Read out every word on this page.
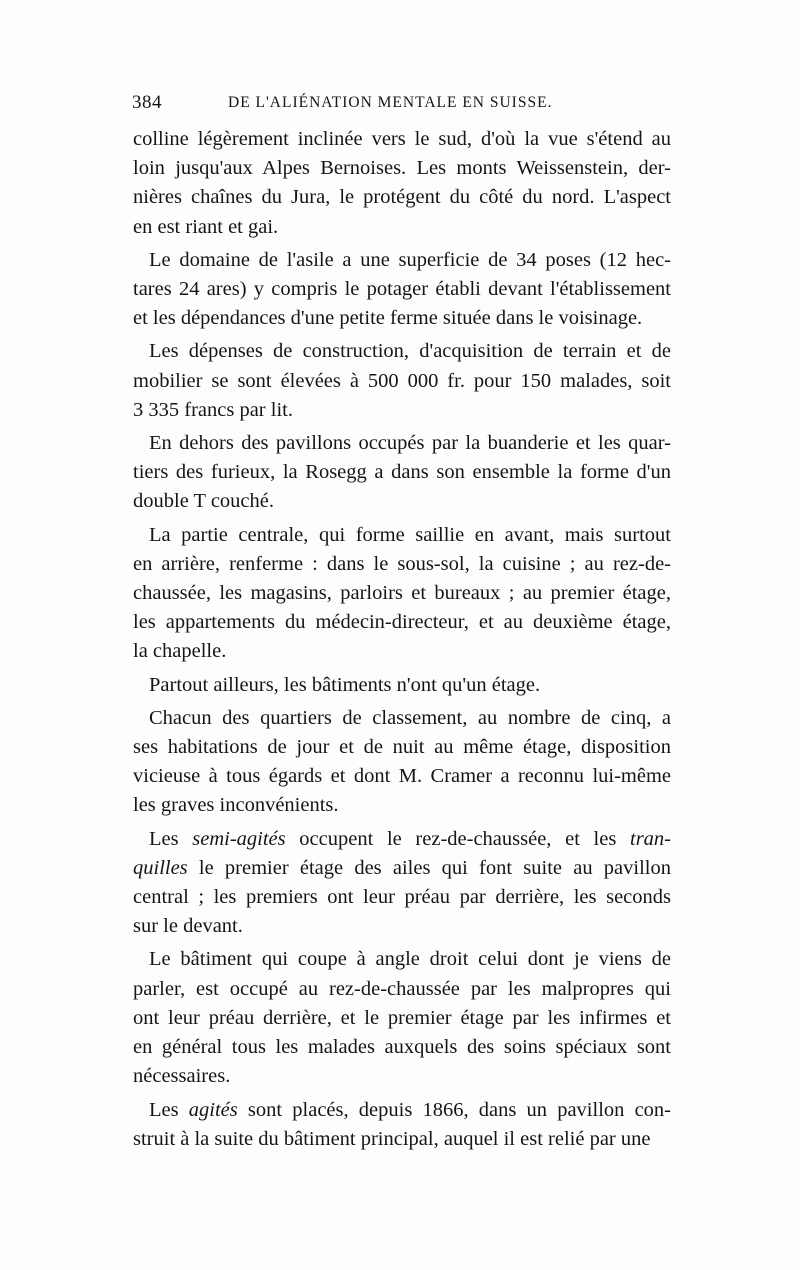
384	DE L'ALIÉNATION MENTALE EN SUISSE.

colline légèrement inclinée vers le sud, d'où la vue s'étend au
loin jusqu'aux Alpes Bernoises. Les monts Weissenstein, der-
nières chaînes du Jura, le protégent du côté du nord. L'aspect
en est riant et gai.

Le domaine de l'asile a une superficie de 34 poses (12 hec-
tares 24 ares) y compris le potager établi devant l'établissement
et les dépendances d'une petite ferme située dans le voisinage.

Les dépenses de construction, d'acquisition de terrain et de
mobilier se sont élevées à 500 000 fr. pour 150 malades, soit
3 335 francs par lit.

En dehors des pavillons occupés par la buanderie et les quar-
tiers des furieux, la Rosegg a dans son ensemble la forme d'un
double T couché.

La partie centrale, qui forme saillie en avant, mais surtout
en arrière, renferme : dans le sous-sol, la cuisine ; au rez-de-
chaussée, les magasins, parloirs et bureaux ; au premier étage,
les appartements du médecin-directeur, et au deuxième étage,
la chapelle.

Partout ailleurs, les bâtiments n'ont qu'un étage.

Chacun des quartiers de classement, au nombre de cinq, a
ses habitations de jour et de nuit au même étage, disposition
vicieuse à tous égards et dont M. Cramer a reconnu lui-même
les graves inconvénients.

Les semi-agités occupent le rez-de-chaussée, et les tran-
quilles le premier étage des ailes qui font suite au pavillon
central ; les premiers ont leur préau par derrière, les seconds
sur le devant.

Le bâtiment qui coupe à angle droit celui dont je viens de
parler, est occupé au rez-de-chaussée par les malpropres qui
ont leur préau derrière, et le premier étage par les infirmes et
en général tous les malades auxquels des soins spéciaux sont
nécessaires.

Les agités sont placés, depuis 1866, dans un pavillon con-
struit à la suite du bâtiment principal, auquel il est relié par une
